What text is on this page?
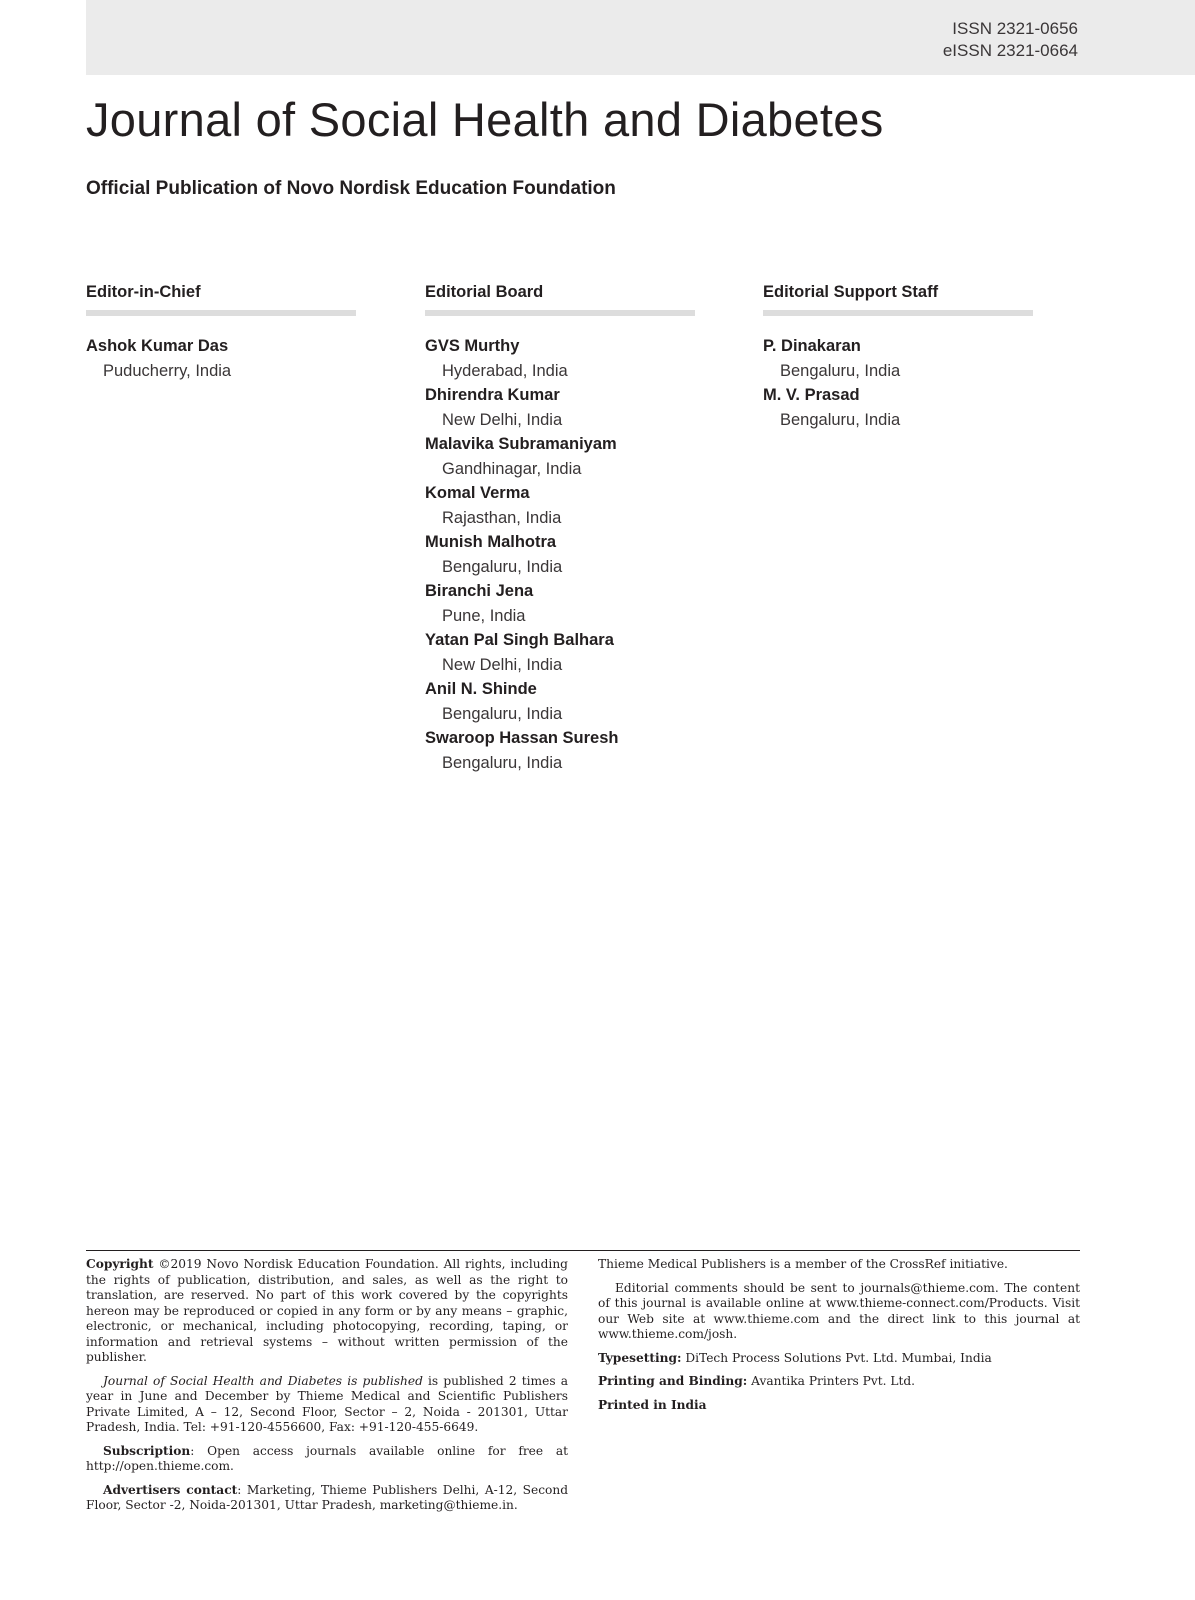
ISSN 2321-0656
eISSN 2321-0664
Journal of Social Health and Diabetes
Official Publication of Novo Nordisk Education Foundation
Editor-in-Chief
Ashok Kumar Das
Puducherry, India
Editorial Board
GVS Murthy
Hyderabad, India
Dhirendra Kumar
New Delhi, India
Malavika Subramaniyam
Gandhinagar, India
Komal Verma
Rajasthan, India
Munish Malhotra
Bengaluru, India
Biranchi Jena
Pune, India
Yatan Pal Singh Balhara
New Delhi, India
Anil N. Shinde
Bengaluru, India
Swaroop Hassan Suresh
Bengaluru, India
Editorial Support Staff
P. Dinakaran
Bengaluru, India
M. V. Prasad
Bengaluru, India

Copyright ©2019 Novo Nordisk Education Foundation. All rights, including the rights of publication, distribution, and sales, as well as the right to translation, are reserved. No part of this work covered by the copyrights hereon may be reproduced or copied in any form or by any means – graphic, electronic, or mechanical, including photocopying, recording, taping, or information and retrieval systems – without written permission of the publisher.

Journal of Social Health and Diabetes is published is published 2 times a year in June and December by Thieme Medical and Scientific Publishers Private Limited, A – 12, Second Floor, Sector – 2, Noida - 201301, Uttar Pradesh, India. Tel: +91-120-4556600, Fax: +91-120-455-6649.

Subscription: Open access journals available online for free at http://open.thieme.com.

Advertisers contact: Marketing, Thieme Publishers Delhi, A-12, Second Floor, Sector -2, Noida-201301, Uttar Pradesh, marketing@thieme.in.

Thieme Medical Publishers is a member of the CrossRef initiative.

Editorial comments should be sent to journals@thieme.com. The content of this journal is available online at www.thieme-connect.com/Products. Visit our Web site at www.thieme.com and the direct link to this journal at www.thieme.com/josh.

Typesetting: DiTech Process Solutions Pvt. Ltd. Mumbai, India

Printing and Binding: Avantika Printers Pvt. Ltd.

Printed in India
